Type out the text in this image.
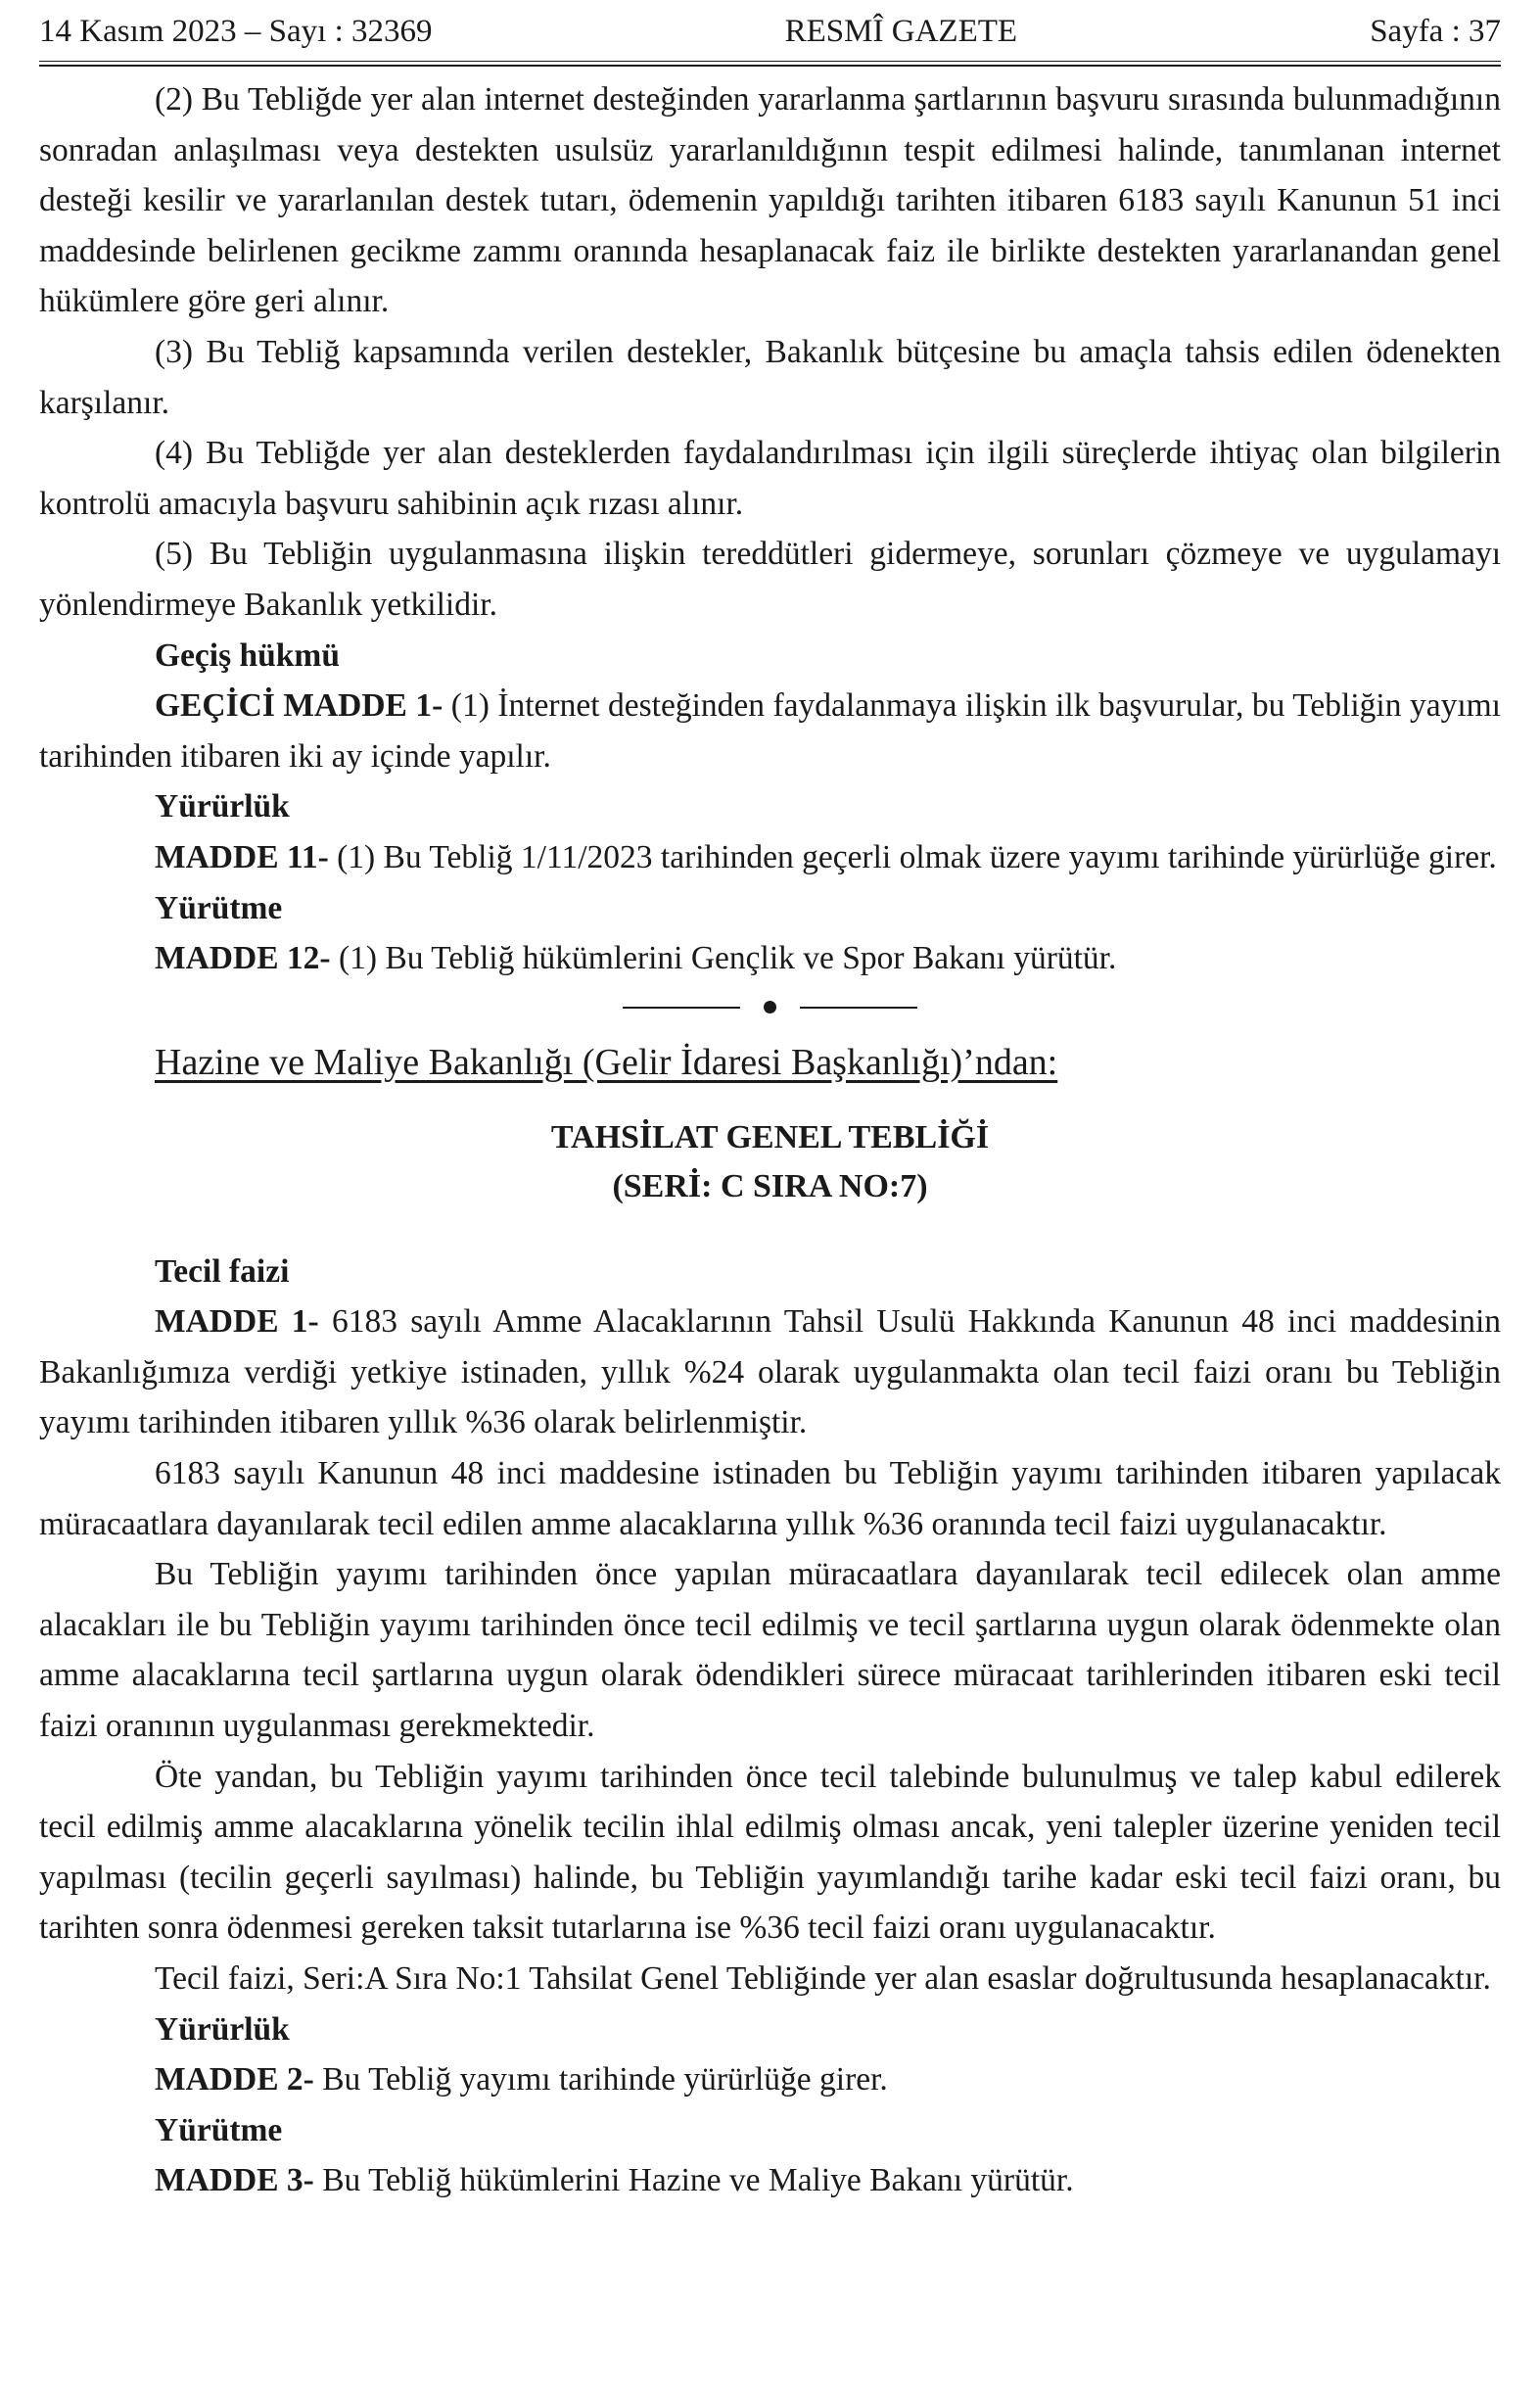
14 Kasım 2023 – Sayı : 32369	RESMÎ GAZETE	Sayfa : 37

(2) Bu Tebliğde yer alan internet desteğinden yararlanma şartlarının başvuru sırasında bulunmadığının sonradan anlaşılması veya destekten usulsüz yararlanıldığının tespit edilmesi halinde, tanımlanan internet desteği kesilir ve yararlanılan destek tutarı, ödemenin yapıldığı tarihten itibaren 6183 sayılı Kanunun 51 inci maddesinde belirlenen gecikme zammı oranında hesaplanacak faiz ile birlikte destekten yararlanandan genel hükümlere göre geri alınır.

(3) Bu Tebliğ kapsamında verilen destekler, Bakanlık bütçesine bu amaçla tahsis edilen ödenekten karşılanır.

(4) Bu Tebliğde yer alan desteklerden faydalandırılması için ilgili süreçlerde ihtiyaç olan bilgilerin kontrolü amacıyla başvuru sahibinin açık rızası alınır.

(5) Bu Tebliğin uygulanmasına ilişkin tereddütleri gidermeye, sorunları çözmeye ve uygulamayı yönlendirmeye Bakanlık yetkilidir.

Geçiş hükmü

GEÇİCİ MADDE 1- (1) İnternet desteğinden faydalanmaya ilişkin ilk başvurular, bu Tebliğin yayımı tarihinden itibaren iki ay içinde yapılır.

Yürürlük

MADDE 11- (1) Bu Tebliğ 1/11/2023 tarihinden geçerli olmak üzere yayımı tarihinde yürürlüğe girer.

Yürütme

MADDE 12- (1) Bu Tebliğ hükümlerini Gençlik ve Spor Bakanı yürütür.

Hazine ve Maliye Bakanlığı (Gelir İdaresi Başkanlığı)’ndan:

TAHSİLAT GENEL TEBLİĞİ
(SERİ: C SIRA NO:7)

Tecil faizi

MADDE 1- 6183 sayılı Amme Alacaklarının Tahsil Usulü Hakkında Kanunun 48 inci maddesinin Bakanlığımıza verdiği yetkiye istinaden, yıllık %24 olarak uygulanmakta olan tecil faizi oranı bu Tebliğin yayımı tarihinden itibaren yıllık %36 olarak belirlenmiştir.

6183 sayılı Kanunun 48 inci maddesine istinaden bu Tebliğin yayımı tarihinden itibaren yapılacak müracaatlara dayanılarak tecil edilen amme alacaklarına yıllık %36 oranında tecil faizi uygulanacaktır.

Bu Tebliğin yayımı tarihinden önce yapılan müracaatlara dayanılarak tecil edilecek olan amme alacakları ile bu Tebliğin yayımı tarihinden önce tecil edilmiş ve tecil şartlarına uygun olarak ödenmekte olan amme alacaklarına tecil şartlarına uygun olarak ödendikleri sürece müracaat tarihlerinden itibaren eski tecil faizi oranının uygulanması gerekmektedir.

Öte yandan, bu Tebliğin yayımı tarihinden önce tecil talebinde bulunulmuş ve talep kabul edilerek tecil edilmiş amme alacaklarına yönelik tecilin ihlal edilmiş olması ancak, yeni talepler üzerine yeniden tecil yapılması (tecilin geçerli sayılması) halinde, bu Tebliğin yayımlandığı tarihe kadar eski tecil faizi oranı, bu tarihten sonra ödenmesi gereken taksit tutarlarına ise %36 tecil faizi oranı uygulanacaktır.

Tecil faizi, Seri:A Sıra No:1 Tahsilat Genel Tebliğinde yer alan esaslar doğrultusunda hesaplanacaktır.

Yürürlük

MADDE 2- Bu Tebliğ yayımı tarihinde yürürlüğe girer.

Yürütme

MADDE 3- Bu Tebliğ hükümlerini Hazine ve Maliye Bakanı yürütür.
